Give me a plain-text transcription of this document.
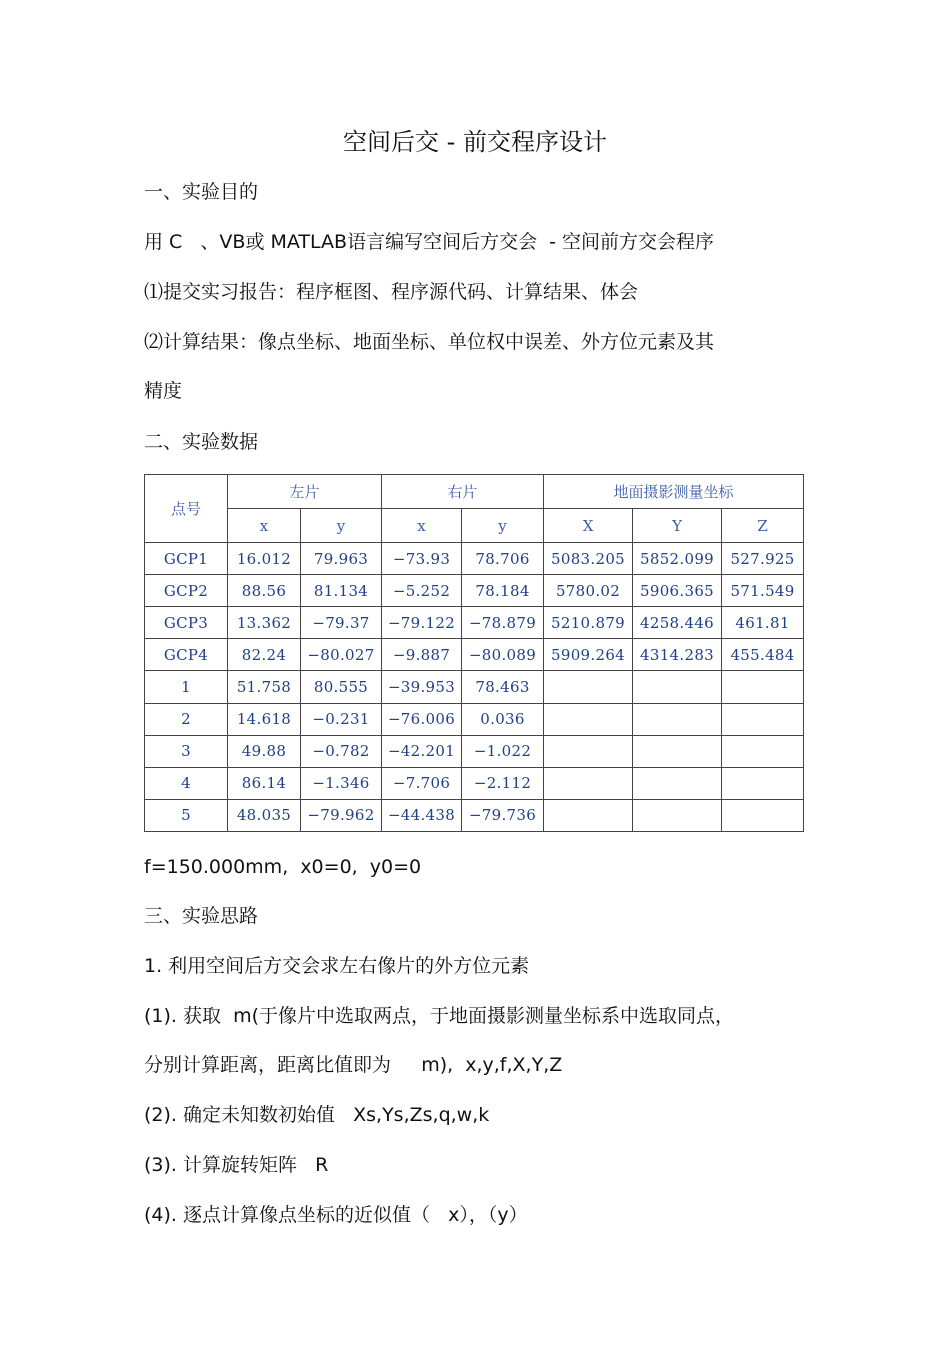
空间后交 - 前交程序设计
一、实验目的
用 C   、VB或 MATLAB语言编写空间后方交会  - 空间前方交会程序
⑴提交实习报告：程序框图、程序源代码、计算结果、体会
⑵计算结果：像点坐标、地面坐标、单位权中误差、外方位元素及其
精度
二、实验数据
点号	左片		右片		地面摄影测量坐标		
	x	y	x	y	X	Y	Z
GCP1	16.012	79.963	−73.93	78.706	5083.205	5852.099	527.925
GCP2	88.56	81.134	−5.252	78.184	5780.02	5906.365	571.549
GCP3	13.362	−79.37	−79.122	−78.879	5210.879	4258.446	461.81
GCP4	82.24	−80.027	−9.887	−80.089	5909.264	4314.283	455.484
1	51.758	80.555	−39.953	78.463			
2	14.618	−0.231	−76.006	0.036			
3	49.88	−0.782	−42.201	−1.022			
4	86.14	−1.346	−7.706	−2.112			
5	48.035	−79.962	−44.438	−79.736			
f=150.000mm,  x0=0,  y0=0
三、实验思路
1. 利用空间后方交会求左右像片的外方位元素
(1). 获取  m(于像片中选取两点，于地面摄影测量坐标系中选取同点，
分别计算距离，距离比值即为     m),  x,y,f,X,Y,Z
(2). 确定未知数初始值   Xs,Ys,Zs,q,w,k
(3). 计算旋转矩阵   R
(4). 逐点计算像点坐标的近似值（   x），（y）
